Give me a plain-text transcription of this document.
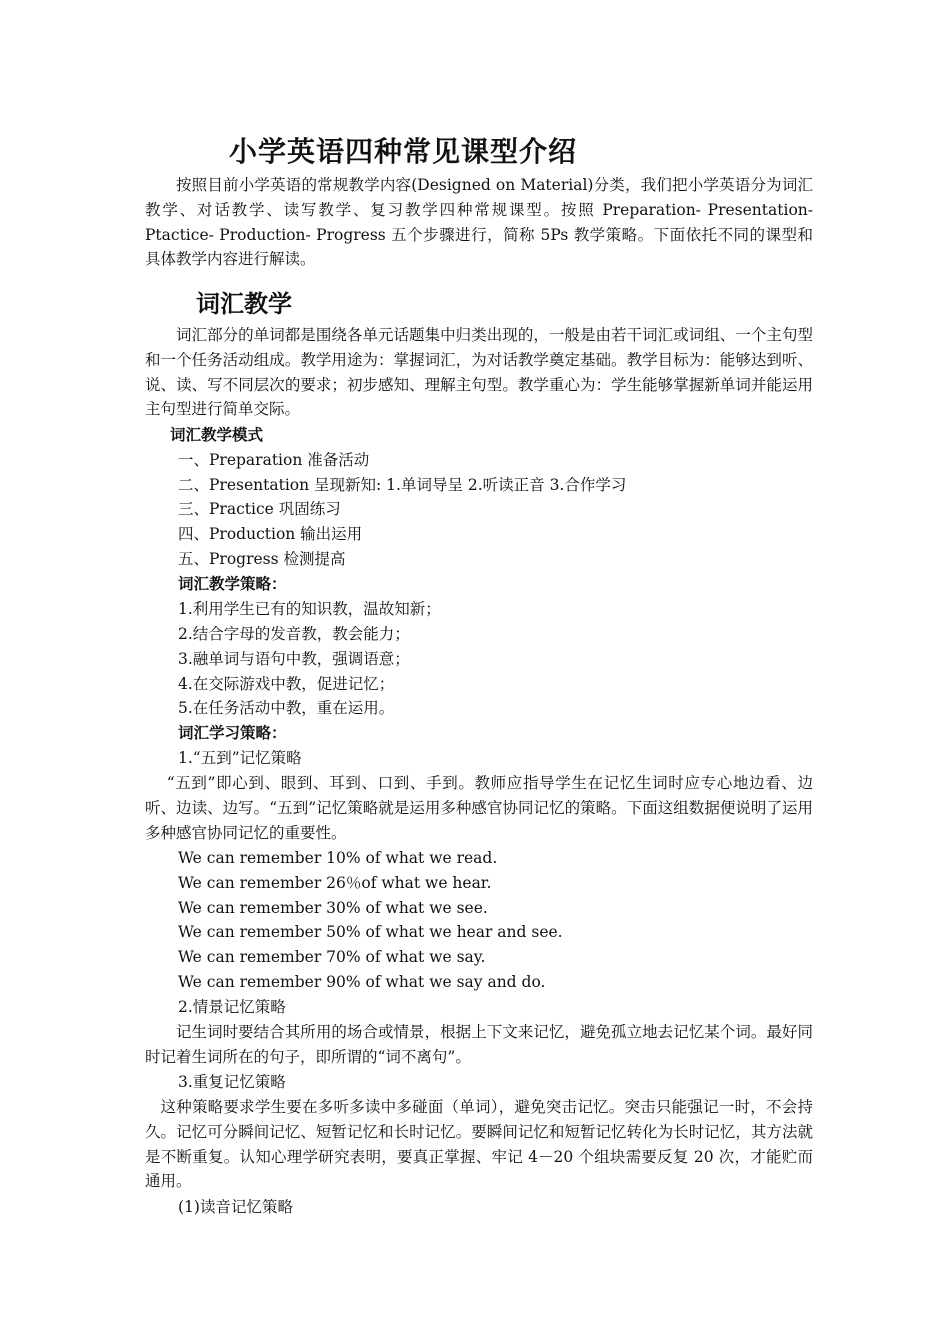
小学英语四种常见课型介绍

按照目前小学英语的常规教学内容(Designed on Material)分类，我们把小学英语分为词汇教学、对话教学、读写教学、复习教学四种常规课型。按照 Preparation- Presentation- Ptactice- Production- Progress 五个步骤进行，简称 5Ps 教学策略。下面依托不同的课型和具体教学内容进行解读。

词汇教学

词汇部分的单词都是围绕各单元话题集中归类出现的，一般是由若干词汇或词组、一个主句型和一个任务活动组成。教学用途为：掌握词汇，为对话教学奠定基础。教学目标为：能够达到听、说、读、写不同层次的要求；初步感知、理解主句型。教学重心为：学生能够掌握新单词并能运用主句型进行简单交际。

词汇教学模式
一、Preparation 准备活动
二、Presentation 呈现新知: 1.单词导呈 2.听读正音 3.合作学习
三、Practice 巩固练习
四、Production 输出运用
五、Progress 检测提高
词汇教学策略：
1.利用学生已有的知识教，温故知新；
2.结合字母的发音教，教会能力；
3.融单词与语句中教，强调语意；
4.在交际游戏中教，促进记忆；
5.在任务活动中教，重在运用。
词汇学习策略：
1.“五到”记忆策略

“五到”即心到、眼到、耳到、口到、手到。教师应指导学生在记忆生词时应专心地边看、边听、边读、边写。“五到”记忆策略就是运用多种感官协同记忆的策略。下面这组数据便说明了运用多种感官协同记忆的重要性。

We can remember 10% of what we read.
We can remember 26％of what we hear.
We can remember 30% of what we see.
We can remember 50% of what we hear and see.
We can remember 70% of what we say.
We can remember 90% of what we say and do.
2.情景记忆策略

记生词时要结合其所用的场合或情景，根据上下文来记忆，避免孤立地去记忆某个词。最好同时记着生词所在的句子，即所谓的“词不离句”。

3.重复记忆策略

这种策略要求学生要在多听多读中多碰面（单词），避免突击记忆。突击只能强记一时，不会持久。记忆可分瞬间记忆、短暂记忆和长时记忆。要瞬间记忆和短暂记忆转化为长时记忆，其方法就是不断重复。认知心理学研究表明，要真正掌握、牢记 4－20 个组块需要反复 20 次，才能贮而通用。

(1)读音记忆策略
